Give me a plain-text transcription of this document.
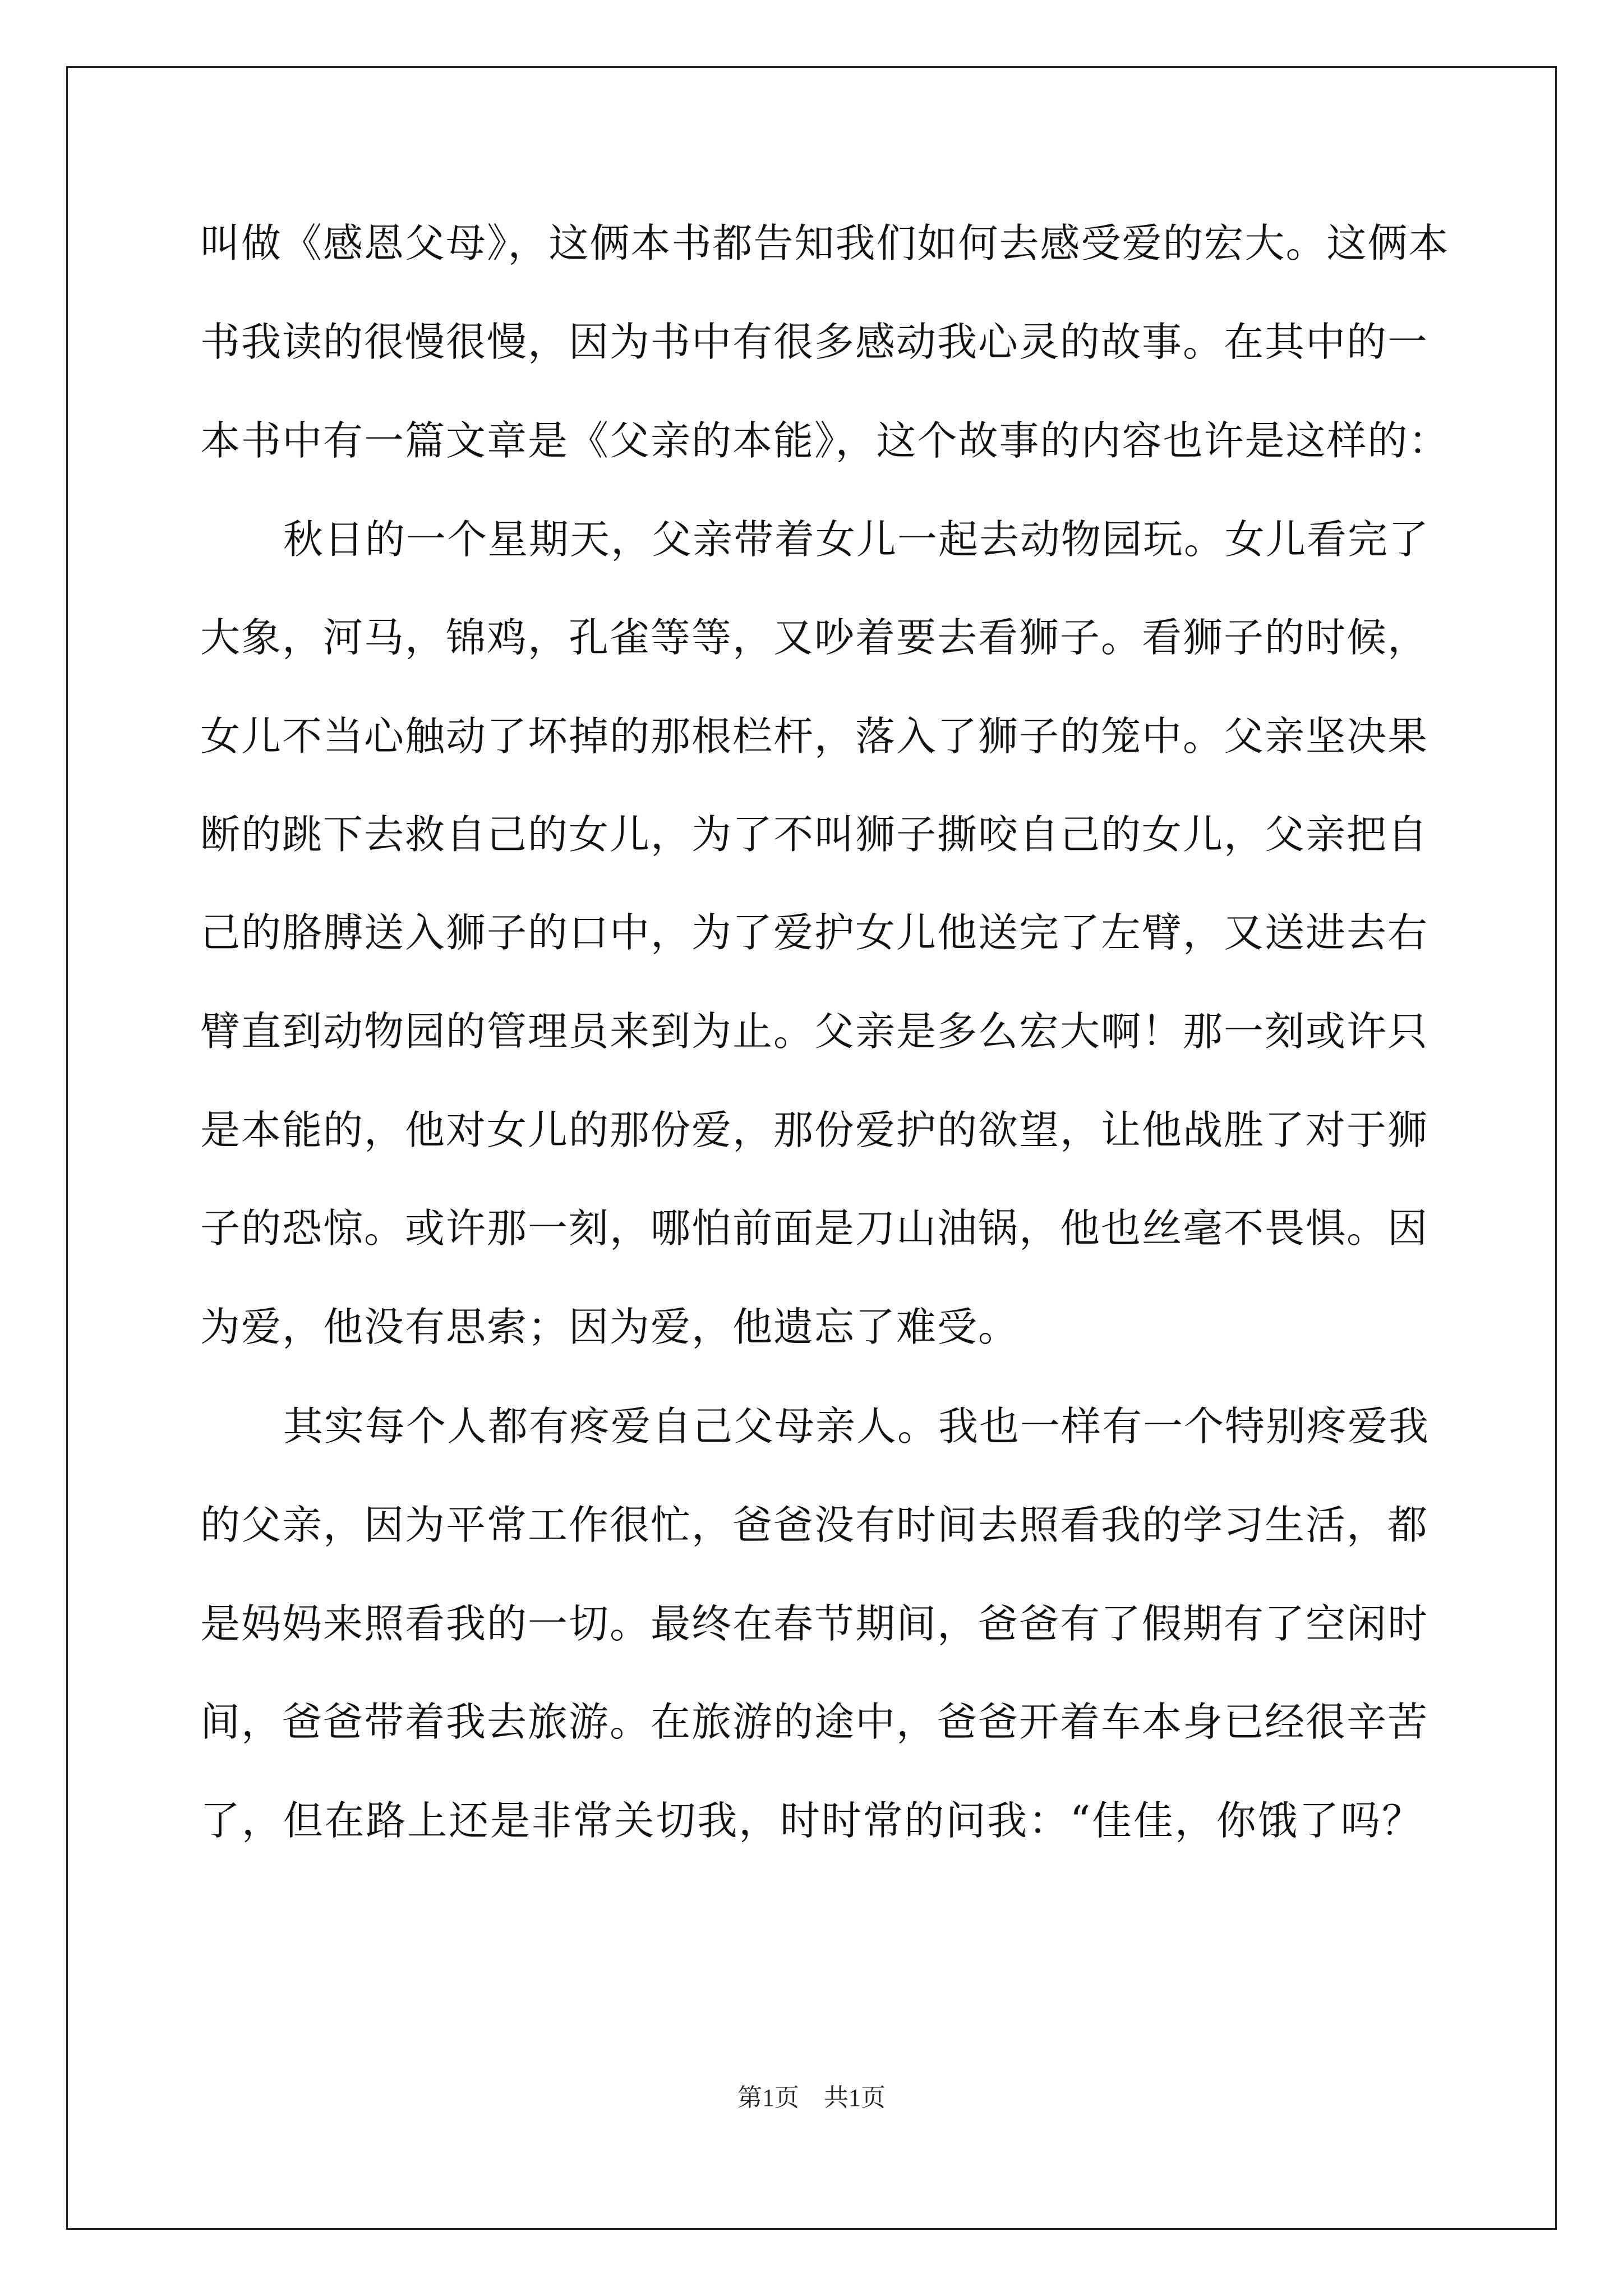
叫做《感恩父母》，这俩本书都告知我们如何去感受爱的宏大。这俩本
书我读的很慢很慢，因为书中有很多感动我心灵的故事。在其中的一
本书中有一篇文章是《父亲的本能》，这个故事的内容也许是这样的：
秋日的一个星期天，父亲带着女儿一起去动物园玩。女儿看完了
大象，河马，锦鸡，孔雀等等，又吵着要去看狮子。看狮子的时候，
女儿不当心触动了坏掉的那根栏杆，落入了狮子的笼中。父亲坚决果
断的跳下去救自己的女儿，为了不叫狮子撕咬自己的女儿，父亲把自
己的胳膊送入狮子的口中，为了爱护女儿他送完了左臂，又送进去右
臂直到动物园的管理员来到为止。父亲是多么宏大啊！那一刻或许只
是本能的，他对女儿的那份爱，那份爱护的欲望，让他战胜了对于狮
子的恐惊。或许那一刻，哪怕前面是刀山油锅，他也丝毫不畏惧。因
为爱，他没有思索；因为爱，他遗忘了难受。
其实每个人都有疼爱自己父母亲人。我也一样有一个特别疼爱我
的父亲，因为平常工作很忙，爸爸没有时间去照看我的学习生活，都
是妈妈来照看我的一切。最终在春节期间，爸爸有了假期有了空闲时
间，爸爸带着我去旅游。在旅游的途中，爸爸开着车本身已经很辛苦
了，但在路上还是非常关切我，时时常的问我：“佳佳，你饿了吗？
第1页　共1页
